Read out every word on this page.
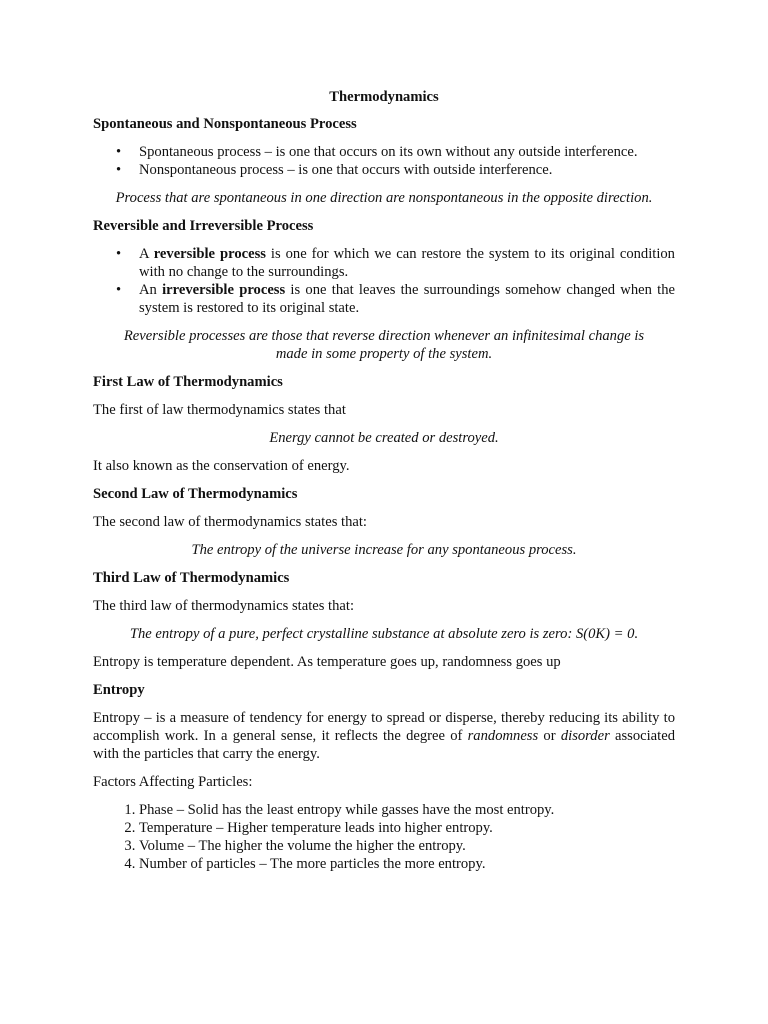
Thermodynamics
Spontaneous and Nonspontaneous Process
• Spontaneous process – is one that occurs on its own without any outside interference.
• Nonspontaneous process – is one that occurs with outside interference.
Process that are spontaneous in one direction are nonspontaneous in the opposite direction.
Reversible and Irreversible Process
• A reversible process is one for which we can restore the system to its original condition with no change to the surroundings.
• An irreversible process is one that leaves the surroundings somehow changed when the system is restored to its original state.
Reversible processes are those that reverse direction whenever an infinitesimal change is made in some property of the system.
First Law of Thermodynamics
The first of law thermodynamics states that
Energy cannot be created or destroyed.
It also known as the conservation of energy.
Second Law of Thermodynamics
The second law of thermodynamics states that:
The entropy of the universe increase for any spontaneous process.
Third Law of Thermodynamics
The third law of thermodynamics states that:
The entropy of a pure, perfect crystalline substance at absolute zero is zero: S(0K) = 0.
Entropy is temperature dependent. As temperature goes up, randomness goes up
Entropy
Entropy – is a measure of tendency for energy to spread or disperse, thereby reducing its ability to accomplish work. In a general sense, it reflects the degree of randomness or disorder associated with the particles that carry the energy.
Factors Affecting Particles:
1. Phase – Solid has the least entropy while gasses have the most entropy.
2. Temperature – Higher temperature leads into higher entropy.
3. Volume – The higher the volume the higher the entropy.
4. Number of particles – The more particles the more entropy.
